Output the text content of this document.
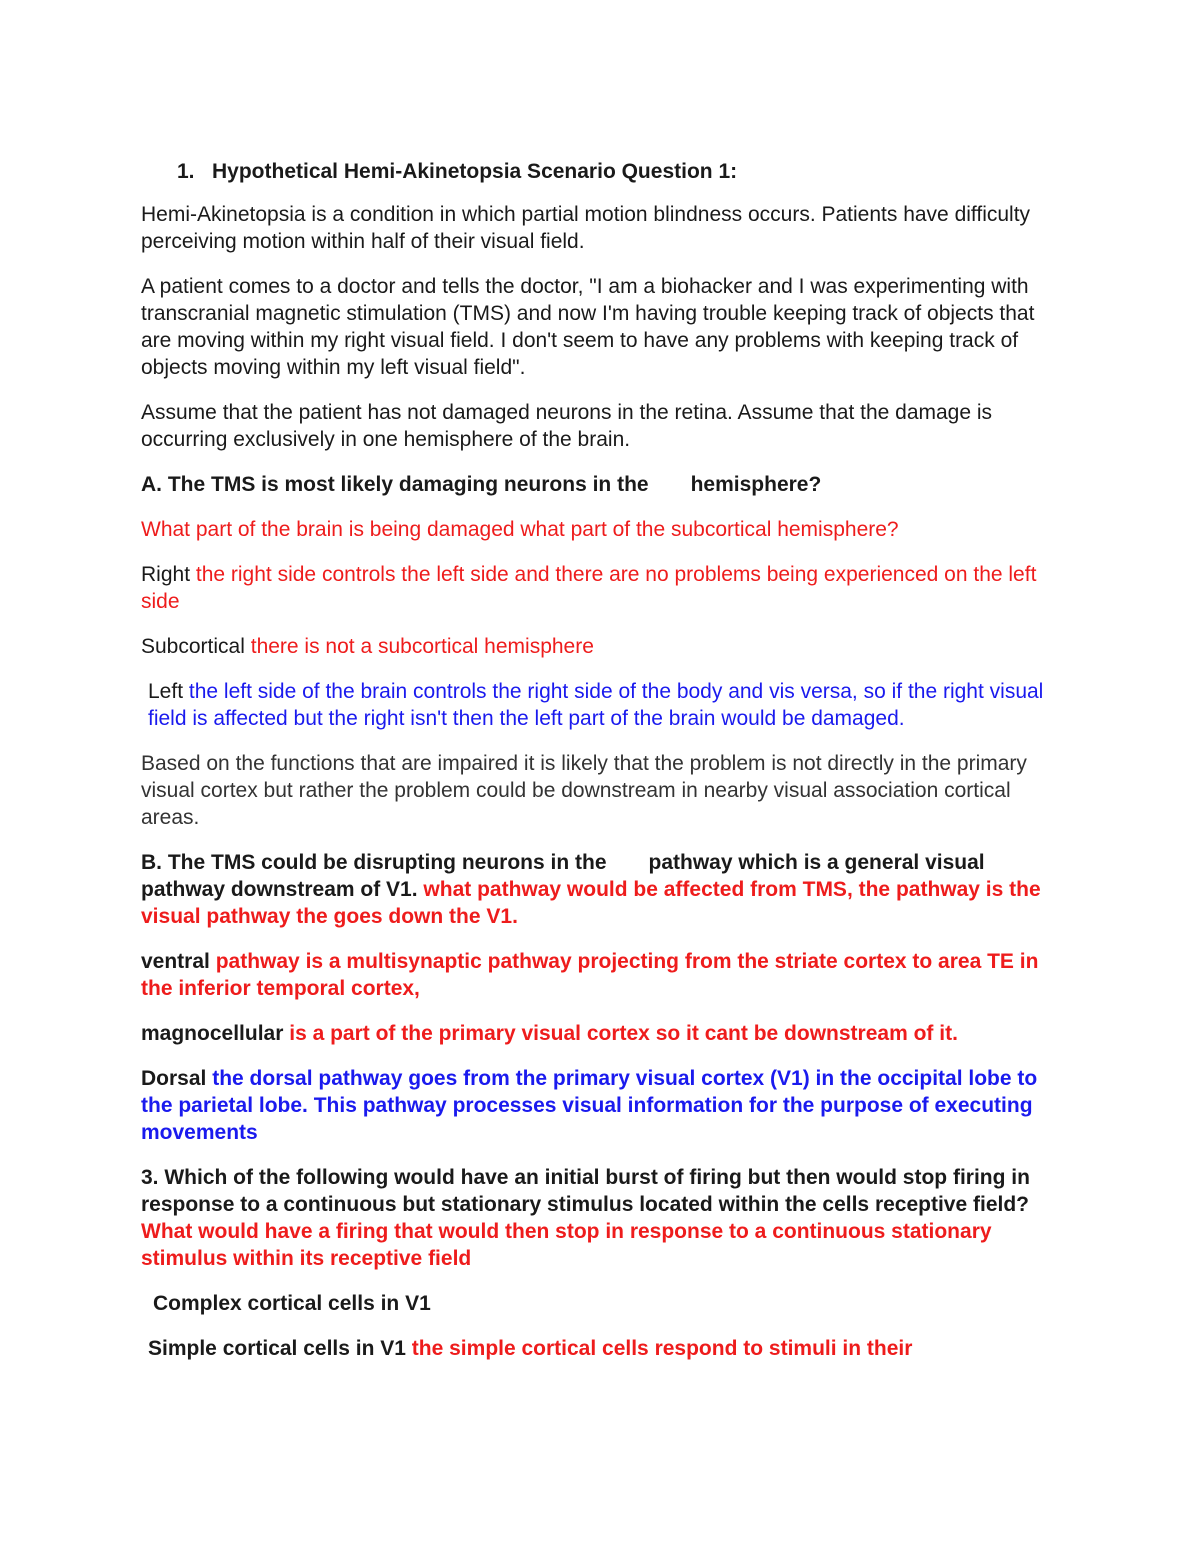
1. Hypothetical Hemi-Akinetopsia Scenario Question 1:

Hemi-Akinetopsia is a condition in which partial motion blindness occurs. Patients have difficulty perceiving motion within half of their visual field.

A patient comes to a doctor and tells the doctor, "I am a biohacker and I was experimenting with transcranial magnetic stimulation (TMS) and now I'm having trouble keeping track of objects that are moving within my right visual field. I don't seem to have any problems with keeping track of objects moving within my left visual field".

Assume that the patient has not damaged neurons in the retina. Assume that the damage is occurring exclusively in one hemisphere of the brain.

A. The TMS is most likely damaging neurons in the hemisphere?

What part of the brain is being damaged what part of the subcortical hemisphere?

Right the right side controls the left side and there are no problems being experienced on the left side

Subcortical there is not a subcortical hemisphere

Left the left side of the brain controls the right side of the body and vis versa, so if the right visual field is affected but the right isn't then the left part of the brain would be damaged.

Based on the functions that are impaired it is likely that the problem is not directly in the primary visual cortex but rather the problem could be downstream in nearby visual association cortical areas.

B. The TMS could be disrupting neurons in the pathway which is a general visual pathway downstream of V1. what pathway would be affected from TMS, the pathway is the visual pathway the goes down the V1.

ventral pathway is a multisynaptic pathway projecting from the striate cortex to area TE in the inferior temporal cortex,

magnocellular is a part of the primary visual cortex so it cant be downstream of it.

Dorsal the dorsal pathway goes from the primary visual cortex (V1) in the occipital lobe to the parietal lobe. This pathway processes visual information for the purpose of executing movements

3. Which of the following would have an initial burst of firing but then would stop firing in response to a continuous but stationary stimulus located within the cells receptive field? What would have a firing that would then stop in response to a continuous stationary stimulus within its receptive field

Complex cortical cells in V1

Simple cortical cells in V1 the simple cortical cells respond to stimuli in their
